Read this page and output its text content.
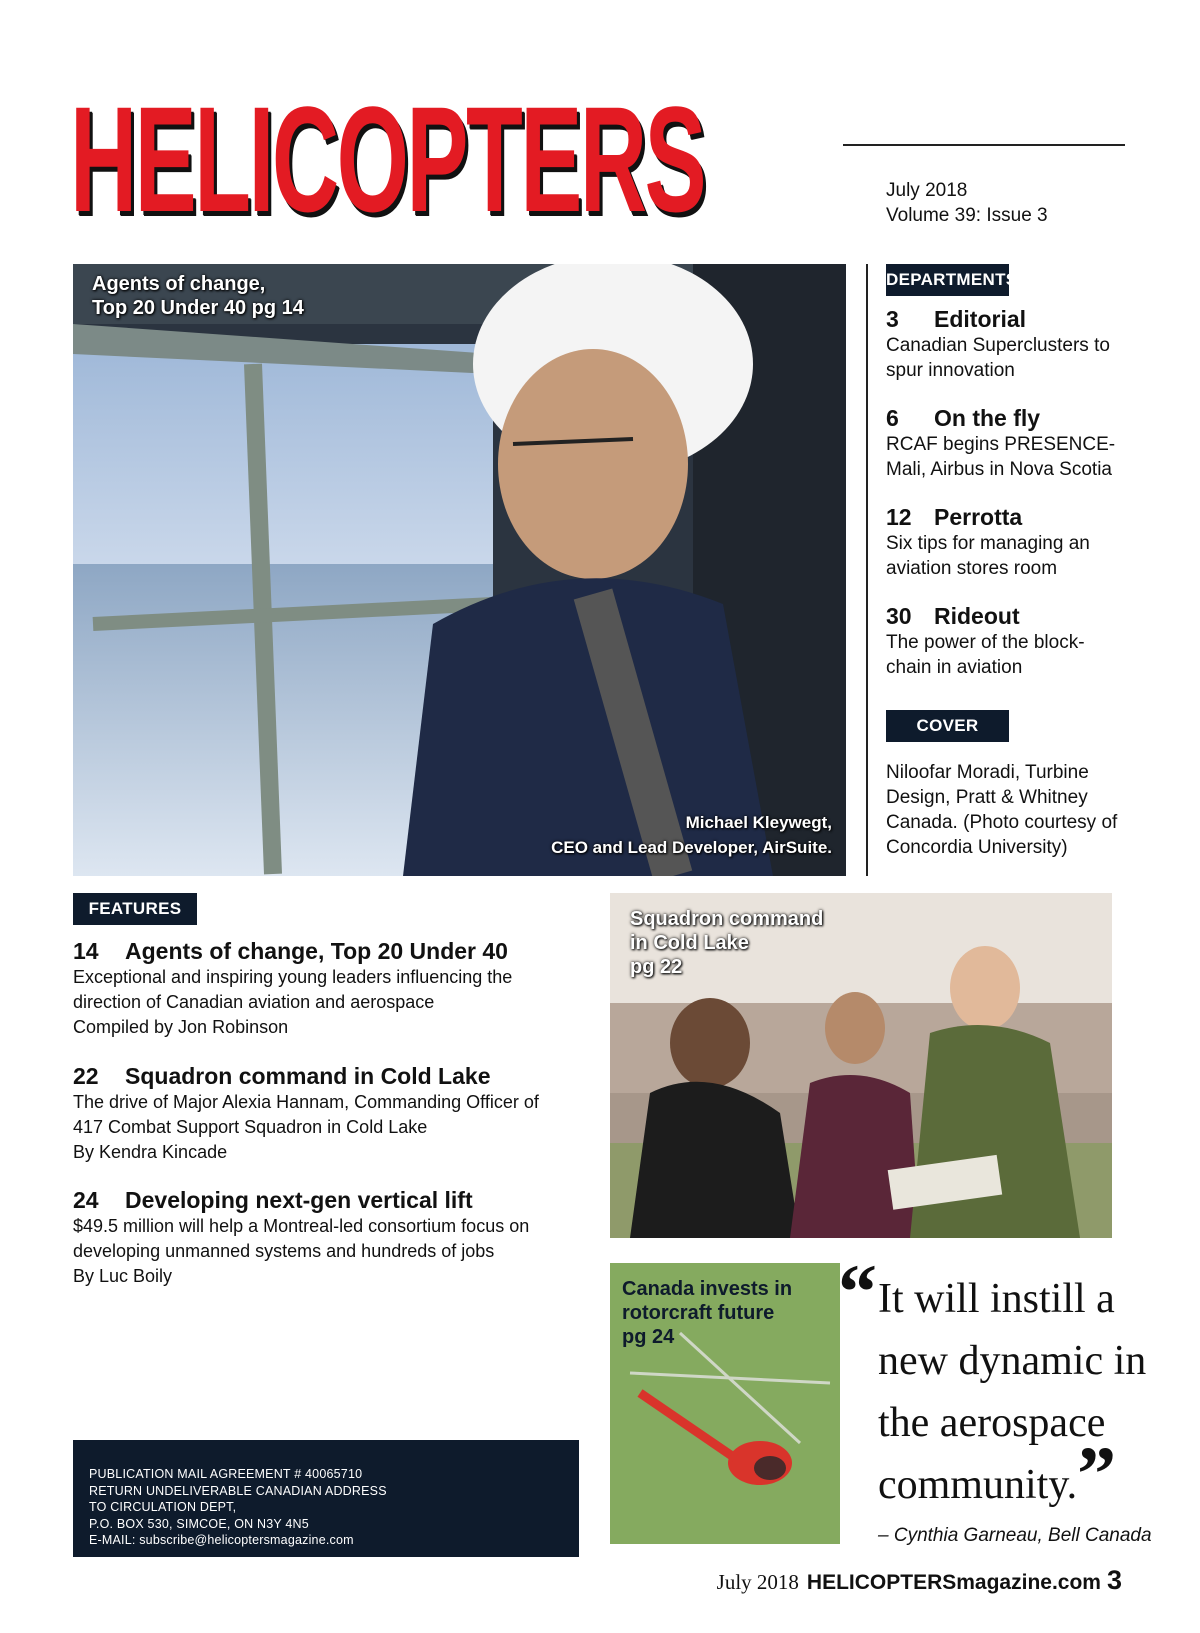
HELICOPTERS	July 2018
Volume 39: Issue 3
Agents of change,
Top 20 Under 40 pg 14
Michael Kleywegt,
CEO and Lead Developer, AirSuite.
DEPARTMENTS
3 Editorial
Canadian Superclusters to
spur innovation
6 On the fly
RCAF begins PRESENCE-
Mali, Airbus in Nova Scotia
12 Perrotta
Six tips for managing an
aviation stores room
30 Rideout
The power of the block-
chain in aviation
COVER
Niloofar Moradi, Turbine
Design, Pratt & Whitney
Canada. (Photo courtesy of
Concordia University)
FEATURES
14 Agents of change, Top 20 Under 40
Exceptional and inspiring young leaders influencing the
direction of Canadian aviation and aerospace
Compiled by Jon Robinson
22 Squadron command in Cold Lake
The drive of Major Alexia Hannam, Commanding Officer of
417 Combat Support Squadron in Cold Lake
By Kendra Kincade
24 Developing next-gen vertical lift
$49.5 million will help a Montreal-led consortium focus on
developing unmanned systems and hundreds of jobs
By Luc Boily
Squadron command
in Cold Lake
pg 22
Canada invests in
rotorcraft future
pg 24
“ It will instill a
new dynamic in
the aerospace
community.”
– Cynthia Garneau, Bell Canada
PUBLICATION MAIL AGREEMENT # 40065710
RETURN UNDELIVERABLE CANADIAN ADDRESS
TO CIRCULATION DEPT,
P.O. BOX 530, SIMCOE, ON N3Y 4N5
E-MAIL: subscribe@helicoptersmagazine.com
July 2018 HELICOPTERSmagazine.com 3
